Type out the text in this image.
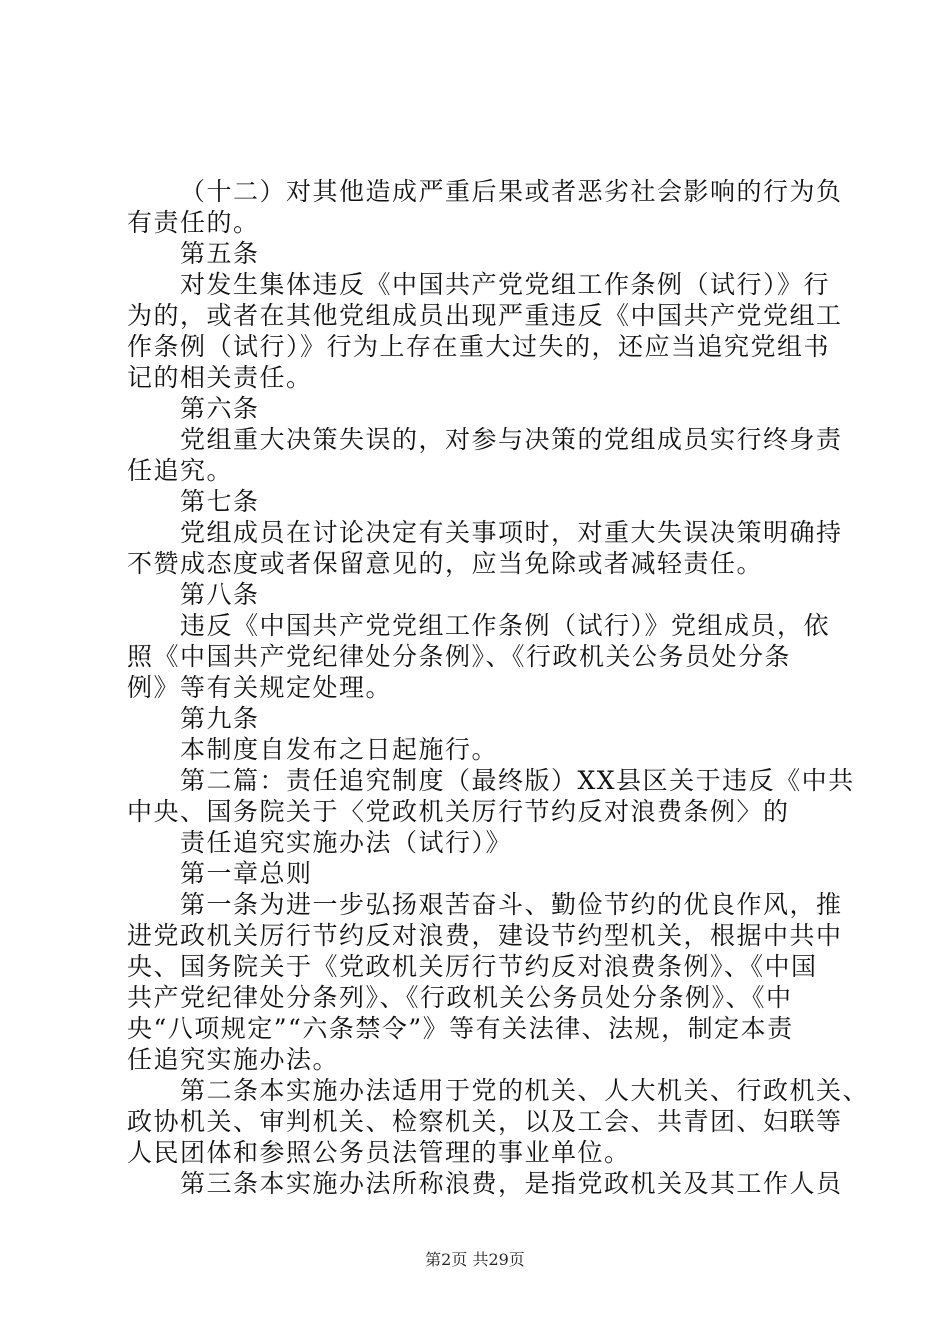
（十二）对其他造成严重后果或者恶劣社会影响的行为负
有责任的。
第五条
对发生集体违反《中国共产党党组工作条例（试行）》行
为的，或者在其他党组成员出现严重违反《中国共产党党组工
作条例（试行）》行为上存在重大过失的，还应当追究党组书
记的相关责任。
第六条
党组重大决策失误的，对参与决策的党组成员实行终身责
任追究。
第七条
党组成员在讨论决定有关事项时，对重大失误决策明确持
不赞成态度或者保留意见的，应当免除或者减轻责任。
第八条
违反《中国共产党党组工作条例（试行）》党组成员，依
照《中国共产党纪律处分条例》、《行政机关公务员处分条
例》等有关规定处理。
第九条
本制度自发布之日起施行。
第二篇：责任追究制度（最终版）XX县区关于违反《中共
中央、国务院关于〈党政机关厉行节约反对浪费条例〉的
责任追究实施办法（试行）》
第一章总则
第一条为进一步弘扬艰苦奋斗、勤俭节约的优良作风，推
进党政机关厉行节约反对浪费，建设节约型机关，根据中共中
央、国务院关于《党政机关厉行节约反对浪费条例》、《中国
共产党纪律处分条列》、《行政机关公务员处分条例》、《中
央“八项规定”“六条禁令”》等有关法律、法规，制定本责
任追究实施办法。
第二条本实施办法适用于党的机关、人大机关、行政机关、
政协机关、审判机关、检察机关，以及工会、共青团、妇联等
人民团体和参照公务员法管理的事业单位。
第三条本实施办法所称浪费，是指党政机关及其工作人员
第2页 共29页
